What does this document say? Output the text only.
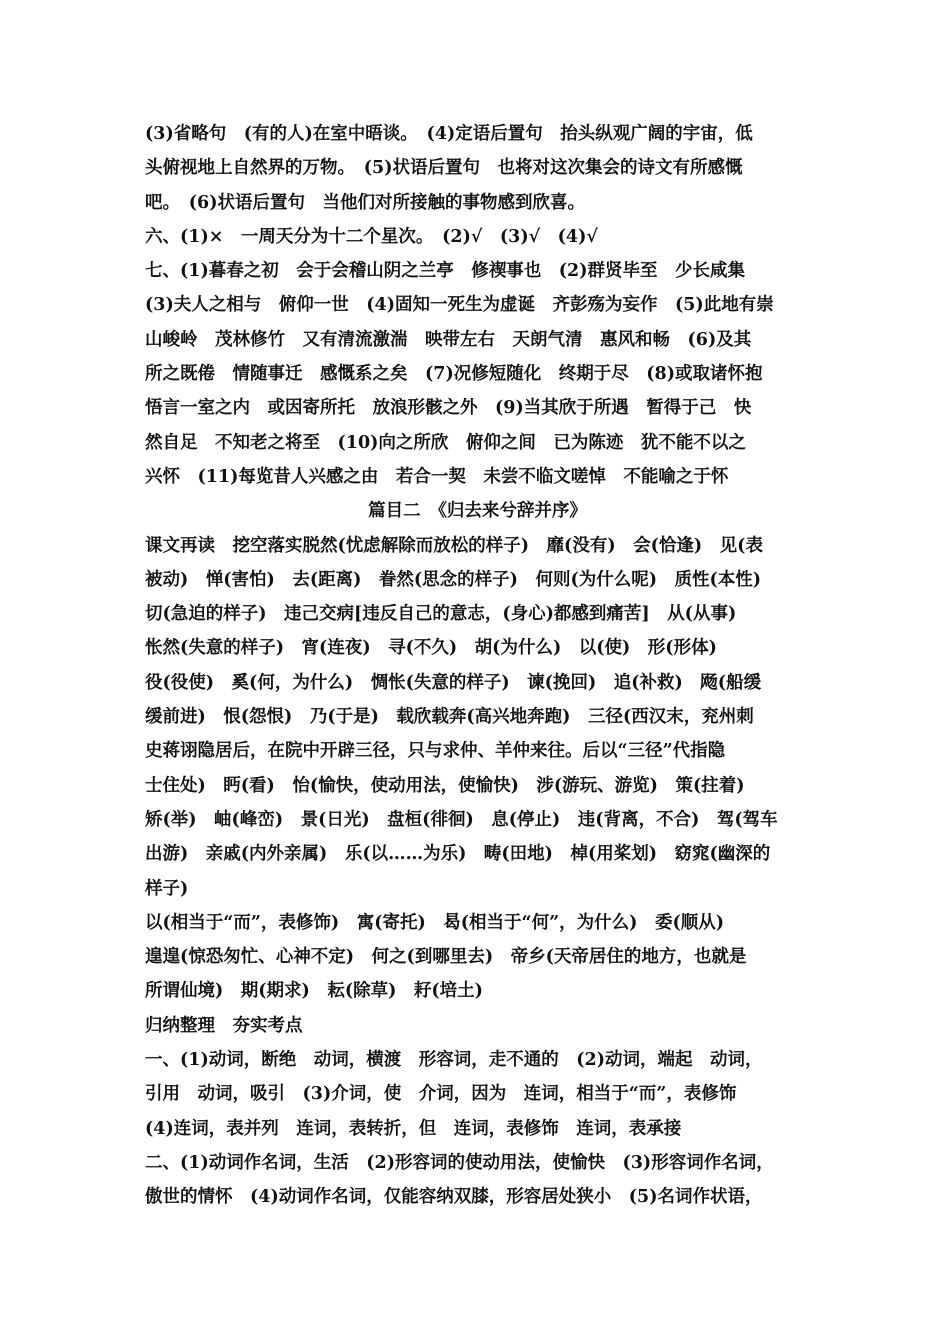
(3)省略句　(有的人)在室中晤谈。　(4)定语后置句　抬头纵观广阔的宇宙，低
头俯视地上自然界的万物。　(5)状语后置句　也将对这次集会的诗文有所感慨
吧。　(6)状语后置句　当他们对所接触的事物感到欣喜。
六、(1)×　一周天分为十二个星次。　(2)√　(3)√　(4)√
七、(1)暮春之初　会于会稽山阴之兰亭　修禊事也　(2)群贤毕至　少长咸集
(3)夫人之相与　俯仰一世　(4)固知一死生为虚诞　齐彭殇为妄作　(5)此地有崇
山峻岭　茂林修竹　又有清流激湍　映带左右　天朗气清　惠风和畅　(6)及其
所之既倦　情随事迁　感慨系之矣　(7)况修短随化　终期于尽　(8)或取诸怀抱
悟言一室之内　或因寄所托　放浪形骸之外　(9)当其欣于所遇　暂得于己　快
然自足　不知老之将至　(10)向之所欣　俯仰之间　已为陈迹　犹不能不以之
兴怀　(11)每览昔人兴感之由　若合一契　未尝不临文嗟悼　不能喻之于怀
篇目二　《归去来兮辞并序》
课文再读　挖空落实脱然(忧虑解除而放松的样子)　靡(没有)　会(恰逢)　见(表
被动)　惮(害怕)　去(距离)　眷然(思念的样子)　何则(为什么呢)　质性(本性)
切(急迫的样子)　违己交病[违反自己的意志，(身心)都感到痛苦]　从(从事)
怅然(失意的样子)　宵(连夜)　寻(不久)　胡(为什么)　以(使)　形(形体)
役(役使)　奚(何，为什么)　惆怅(失意的样子)　谏(挽回)　追(补救)　飏(船缓
缓前进)　恨(怨恨)　乃(于是)　载欣载奔(高兴地奔跑)　三径(西汉末，兖州刺
史蒋诩隐居后，在院中开辟三径，只与求仲、羊仲来往。后以“三径”代指隐
士住处)　眄(看)　怡(愉快，使动用法，使愉快)　涉(游玩、游览)　策(拄着)
矫(举)　岫(峰峦)　景(日光)　盘桓(徘徊)　息(停止)　违(背离，不合)　驾(驾车
出游)　亲戚(内外亲属)　乐(以……为乐)　畴(田地)　棹(用桨划)　窈窕(幽深的
样子)
以(相当于“而”，表修饰)　寓(寄托)　曷(相当于“何”，为什么)　委(顺从)
遑遑(惊恐匆忙、心神不定)　何之(到哪里去)　帝乡(天帝居住的地方，也就是
所谓仙境)　期(期求)　耘(除草)　耔(培土)
归纳整理　夯实考点
一、(1)动词，断绝　动词，横渡　形容词，走不通的　(2)动词，端起　动词，
引用　动词，吸引　(3)介词，使　介词，因为　连词，相当于“而”，表修饰
(4)连词，表并列　连词，表转折，但　连词，表修饰　连词，表承接
二、(1)动词作名词，生活　(2)形容词的使动用法，使愉快　(3)形容词作名词，
傲世的情怀　(4)动词作名词，仅能容纳双膝，形容居处狭小　(5)名词作状语，
